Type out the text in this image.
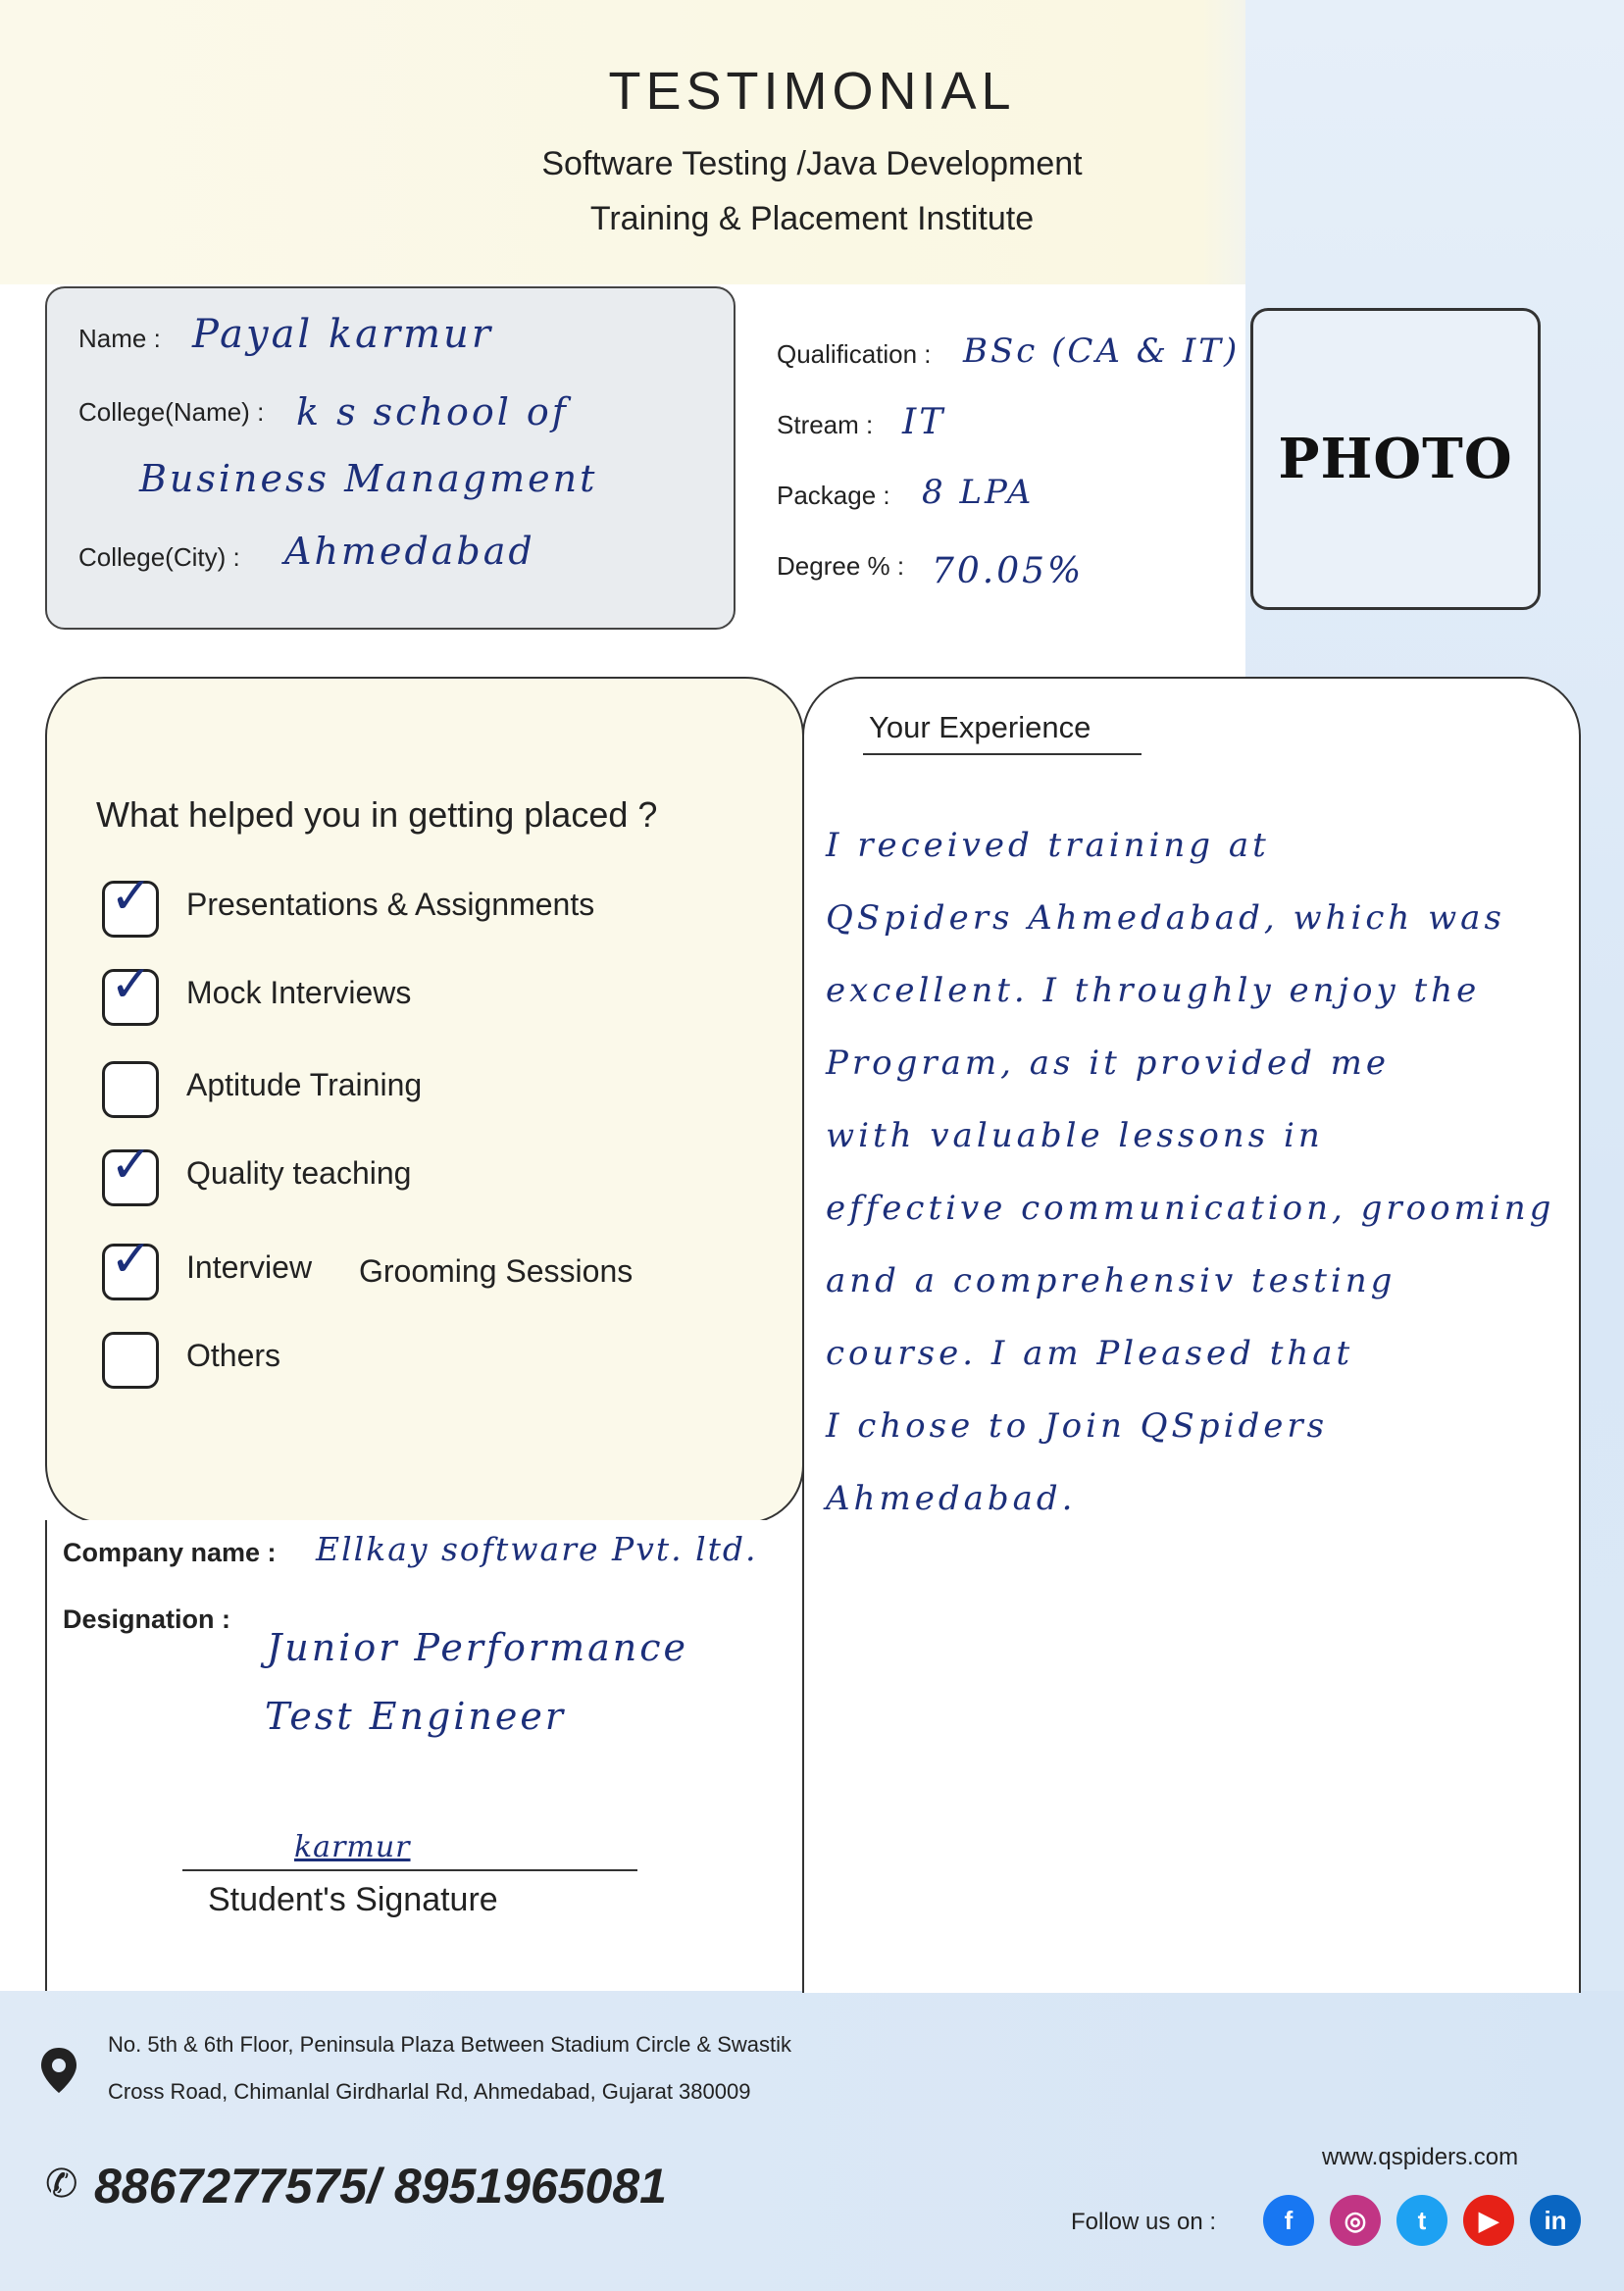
TESTIMONIAL
Software Testing /Java Development
Training & Placement Institute
Name : Payal karmur
College(Name) : k s school of
Business Managment
College(City) : Ahmedabad
Qualification : BSc (CA & IT)
Stream : IT
Package : 8 LPA
Degree % : 70.05%
PHOTO
What helped you in getting placed ?
✓ Presentations & Assignments
✓ Mock Interviews
Aptitude Training
✓ Quality teaching
✓ Interview Grooming Sessions
Others
Company name : Ellkay software Pvt. ltd.
Designation :
Junior Performance
Test Engineer
karmur
Student's Signature
Your Experience
I received training at
QSpiders Ahmedabad, which was
excellent. I throughly enjoy the
Program, as it provided me
with valuable lessons in
effective communication, grooming
and a comprehensiv testing
course. I am Pleased that
I chose to Join QSpiders
Ahmedabad.
No. 5th & 6th Floor, Peninsula Plaza Between Stadium Circle & Swastik
Cross Road, Chimanlal Girdharlal Rd, Ahmedabad, Gujarat 380009
✆ 8867277575/ 8951965081
www.qspiders.com
Follow us on :	f	◎	t	▶	in
